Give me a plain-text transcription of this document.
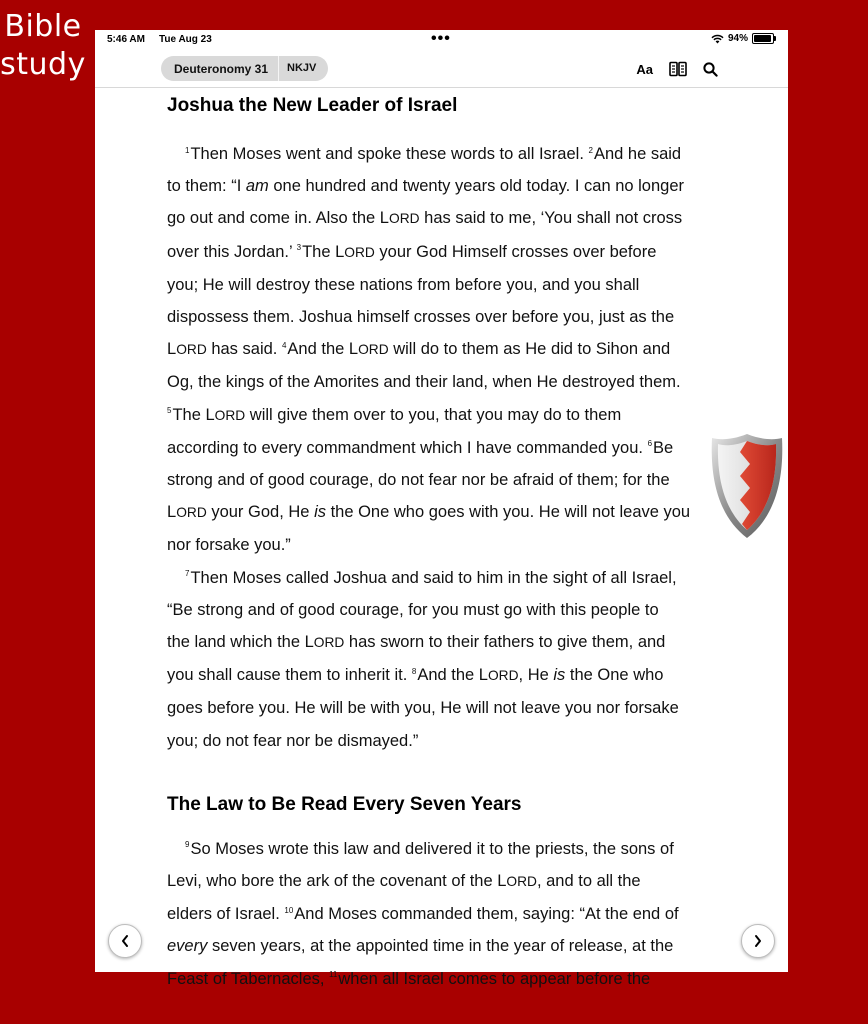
Bible
study
5:46 AM Tue Aug 23	•••	94%
Deuteronomy 31	NKJV	Aa
Joshua the New Leader of Israel
$^1$Then Moses went and spoke these words to all Israel. $^2$And he said
to them: “I am one hundred and twenty years old today. I can no longer
go out and come in. Also the LORD has said to me, ‘You shall not cross
over this Jordan.’ $^3$The LORD your God Himself crosses over before
you; He will destroy these nations from before you, and you shall
dispossess them. Joshua himself crosses over before you, just as the
LORD has said. $^4$And the LORD will do to them as He did to Sihon and
Og, the kings of the Amorites and their land, when He destroyed them.
$^5$The LORD will give them over to you, that you may do to them
according to every commandment which I have commanded you. $^6$Be
strong and of good courage, do not fear nor be afraid of them; for the
LORD your God, He is the One who goes with you. He will not leave you
nor forsake you.”
$^7$Then Moses called Joshua and said to him in the sight of all Israel,
“Be strong and of good courage, for you must go with this people to
the land which the LORD has sworn to their fathers to give them, and
you shall cause them to inherit it. $^8$And the LORD, He is the One who
goes before you. He will be with you, He will not leave you nor forsake
you; do not fear nor be dismayed.”
The Law to Be Read Every Seven Years
$^9$So Moses wrote this law and delivered it to the priests, the sons of
Levi, who bore the ark of the covenant of the LORD, and to all the
elders of Israel. $^{10}$And Moses commanded them, saying: “At the end of
every seven years, at the appointed time in the year of release, at the
Feast of Tabernacles, $^{11}$when all Israel comes to appear before the
